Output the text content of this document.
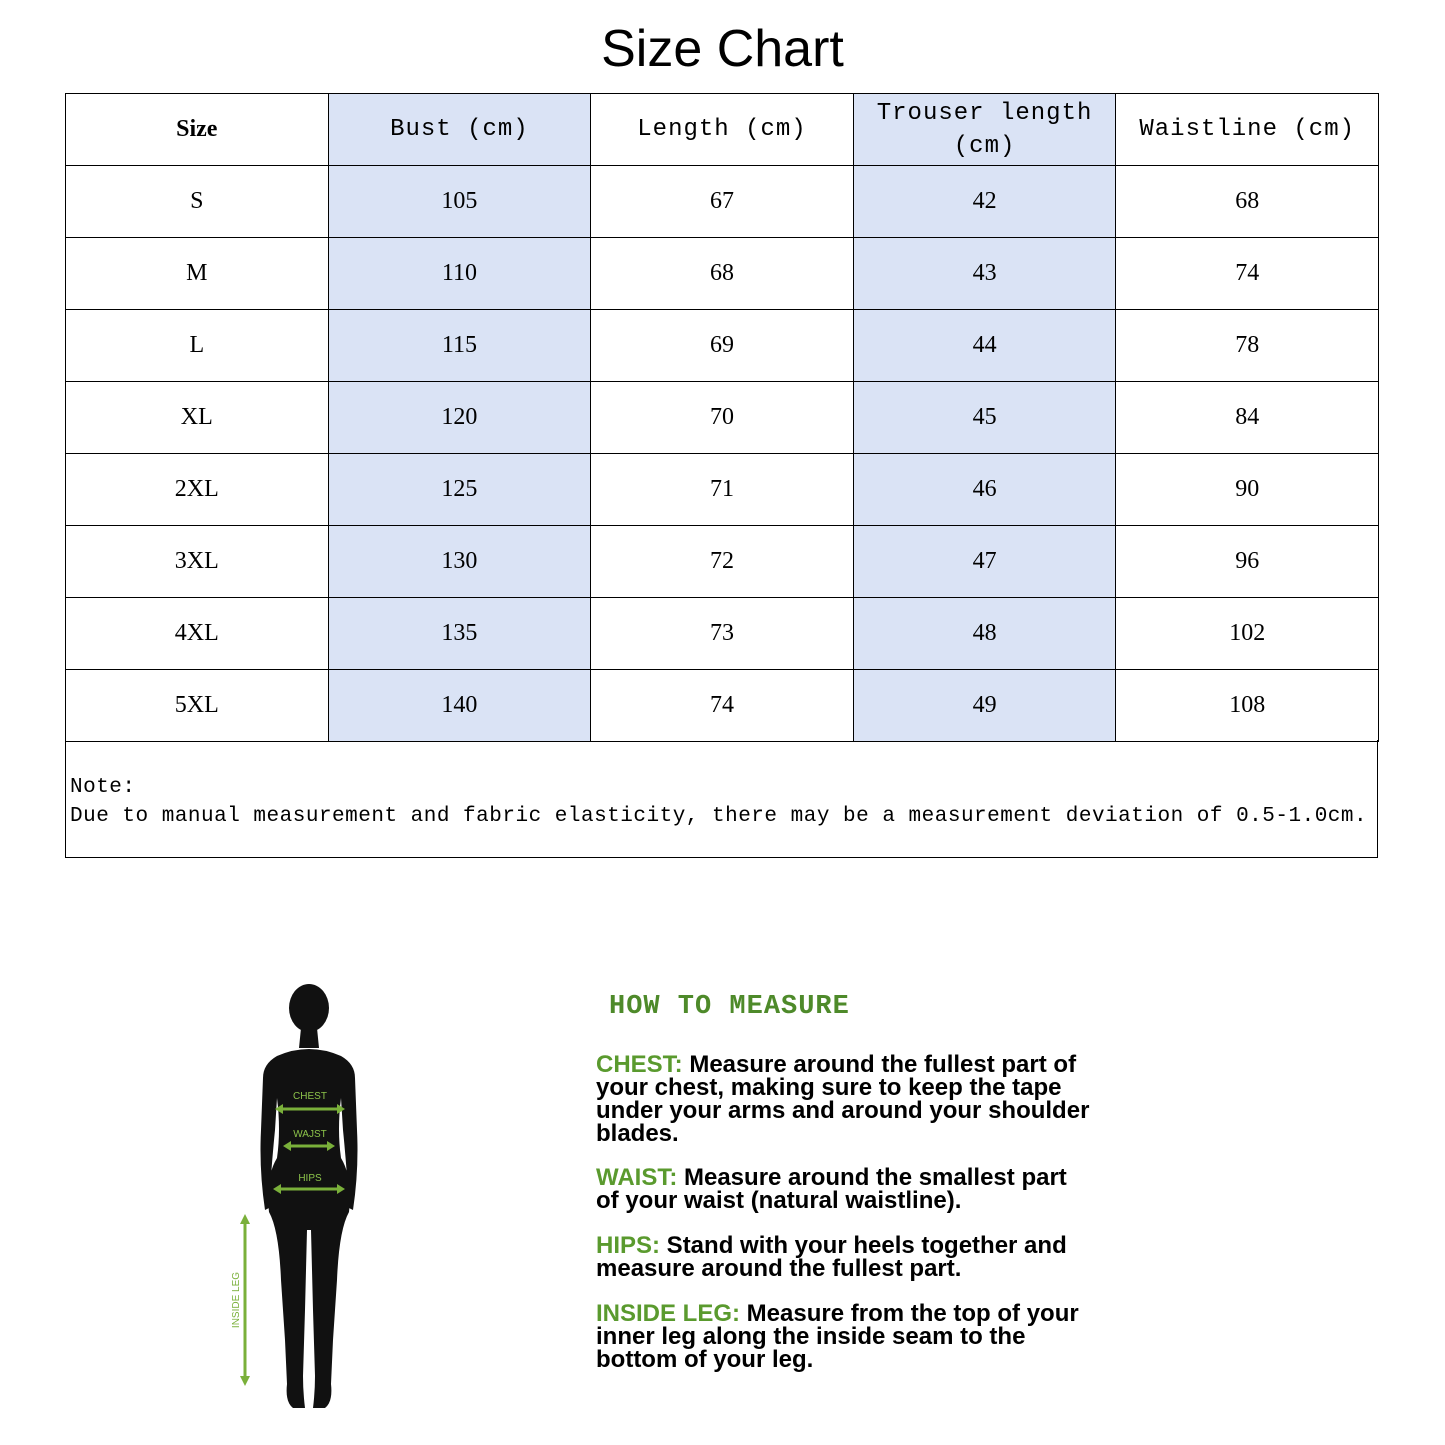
Size Chart
Size	Bust (cm)	Length (cm)	Trouser length (cm)	Waistline (cm)
S	105	67	42	68
M	110	68	43	74
L	115	69	44	78
XL	120	70	45	84
2XL	125	71	46	90
3XL	130	72	47	96
4XL	135	73	48	102
5XL	140	74	49	108
Note:
Due to manual measurement and fabric elasticity, there may be a measurement deviation of 0.5-1.0cm.
CHEST
WAJST
HIPS
INSIDE LEG
HOW TO MEASURE
CHEST: Measure around the fullest part of your chest, making sure to keep the tape under your arms and around your shoulder blades.
WAIST: Measure around the smallest part of your waist (natural waistline).
HIPS: Stand with your heels together and measure around the fullest part.
INSIDE LEG: Measure from the top of your inner leg along the inside seam to the bottom of your leg.
